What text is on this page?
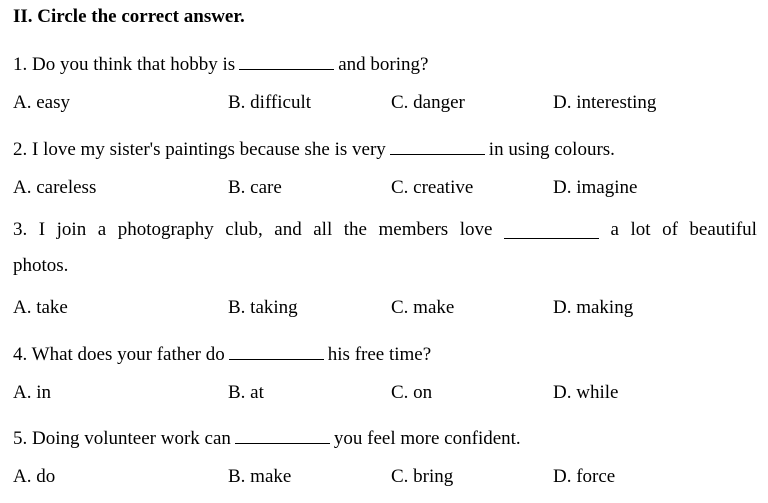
II. Circle the correct answer.
1. Do you think that hobby is	and boring?
A. easy	B. difficult	C. danger	D. interesting
2. I love my sister's paintings because she is very	in using colours.
A. careless	B. care	C. creative	D. imagine
3. I join a photography club, and all the members love	a lot of beautiful
photos.
A. take	B. taking	C. make	D. making
4. What does your father do	his free time?
A. in	B. at	C. on	D. while
5. Doing volunteer work can	you feel more confident.
A. do	B. make	C. bring	D. force
